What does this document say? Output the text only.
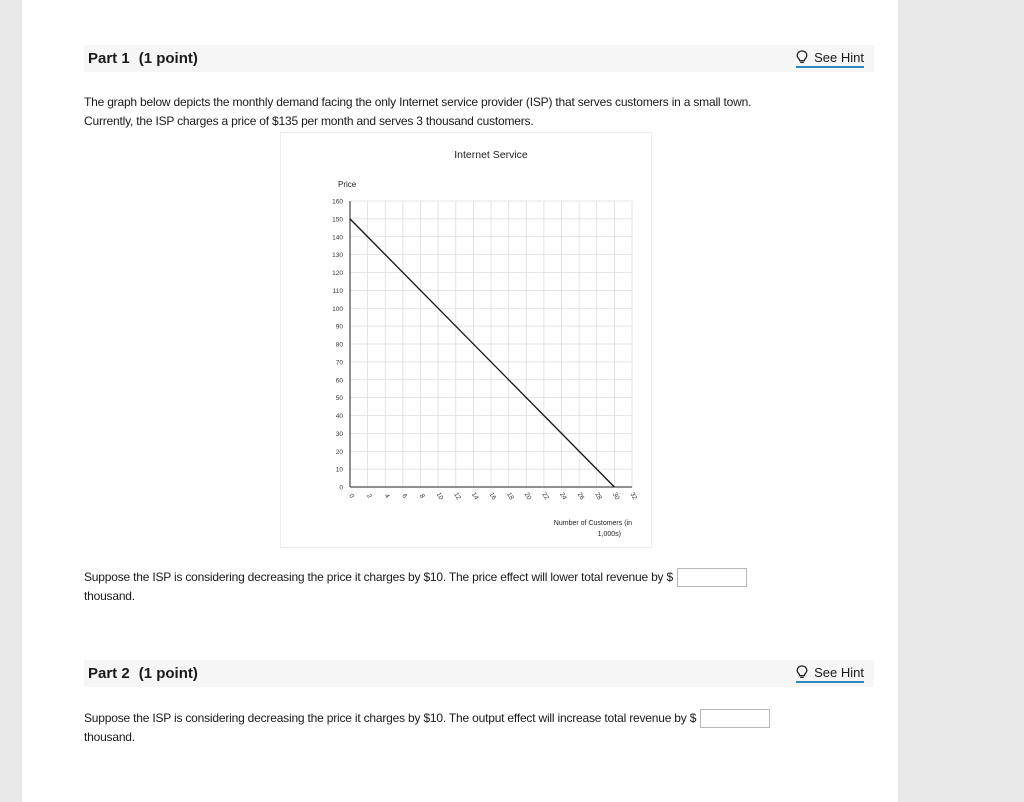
Part 1 (1 point)	See Hint
The graph below depicts the monthly demand facing the only Internet service provider (ISP) that serves customers in a small town.
Currently, the ISP charges a price of $135 per month and serves 3 thousand customers.
Internet Service
Price
0
10
20
30
40
50
60
70
80
90
100
110
120
130
140
150
160
0 2 4 6 8 10 12 14 16 18 20 22 24 26 28 30 32
Number of Customers (in
1,000s)
Suppose the ISP is considering decreasing the price it charges by $10. The price effect will lower total revenue by $
thousand.
Part 2 (1 point)	See Hint
Suppose the ISP is considering decreasing the price it charges by $10. The output effect will increase total revenue by $
thousand.
